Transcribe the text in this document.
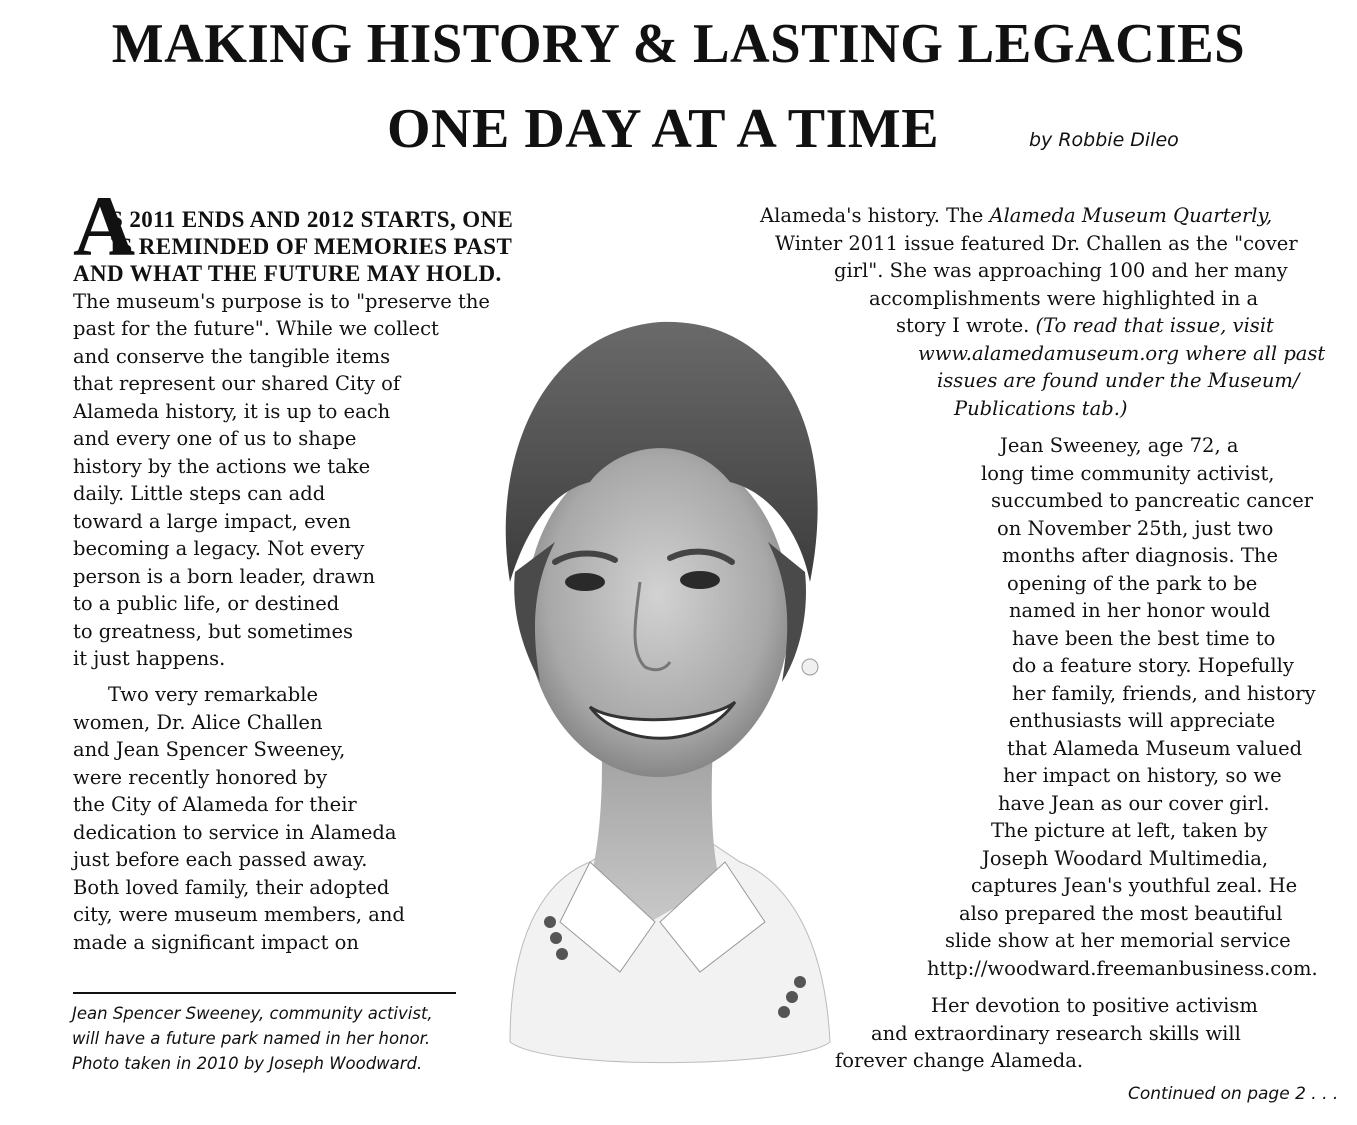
MAKING HISTORY & LASTING LEGACIES
ONE DAY AT A TIME	by Robbie Dileo
A
S 2011 ENDS AND 2012 STARTS, ONE
IS REMINDED OF MEMORIES PAST
AND WHAT THE FUTURE MAY HOLD.
The museum's purpose is to "preserve the
past for the future". While we collect
and conserve the tangible items
that represent our shared City of
Alameda history, it is up to each
and every one of us to shape
history by the actions we take
daily. Little steps can add
toward a large impact, even
becoming a legacy. Not every
person is a born leader, drawn
to a public life, or destined
to greatness, but sometimes
it just happens.
Two very remarkable
women, Dr. Alice Challen
and Jean Spencer Sweeney,
were recently honored by
the City of Alameda for their
dedication to service in Alameda
just before each passed away.
Both loved family, their adopted
city, were museum members, and
made a significant impact on
Alameda's history. The Alameda Museum Quarterly,
Winter 2011 issue featured Dr. Challen as the "cover
girl". She was approaching 100 and her many
accomplishments were highlighted in a
story I wrote. (To read that issue, visit
www.alamedamuseum.org where all past
issues are found under the Museum/
Publications tab.)
Jean Sweeney, age 72, a
long time community activist,
succumbed to pancreatic cancer
on November 25th, just two
months after diagnosis. The
opening of the park to be
named in her honor would
have been the best time to
do a feature story. Hopefully
her family, friends, and history
enthusiasts will appreciate
that Alameda Museum valued
her impact on history, so we
have Jean as our cover girl.
The picture at left, taken by
Joseph Woodard Multimedia,
captures Jean's youthful zeal. He
also prepared the most beautiful
slide show at her memorial service
http://woodward.freemanbusiness.com.
Her devotion to positive activism
and extraordinary research skills will
forever change Alameda.
Jean Spencer Sweeney, community activist,
will have a future park named in her honor.
Photo taken in 2010 by Joseph Woodward.
Continued on page 2 . . .
